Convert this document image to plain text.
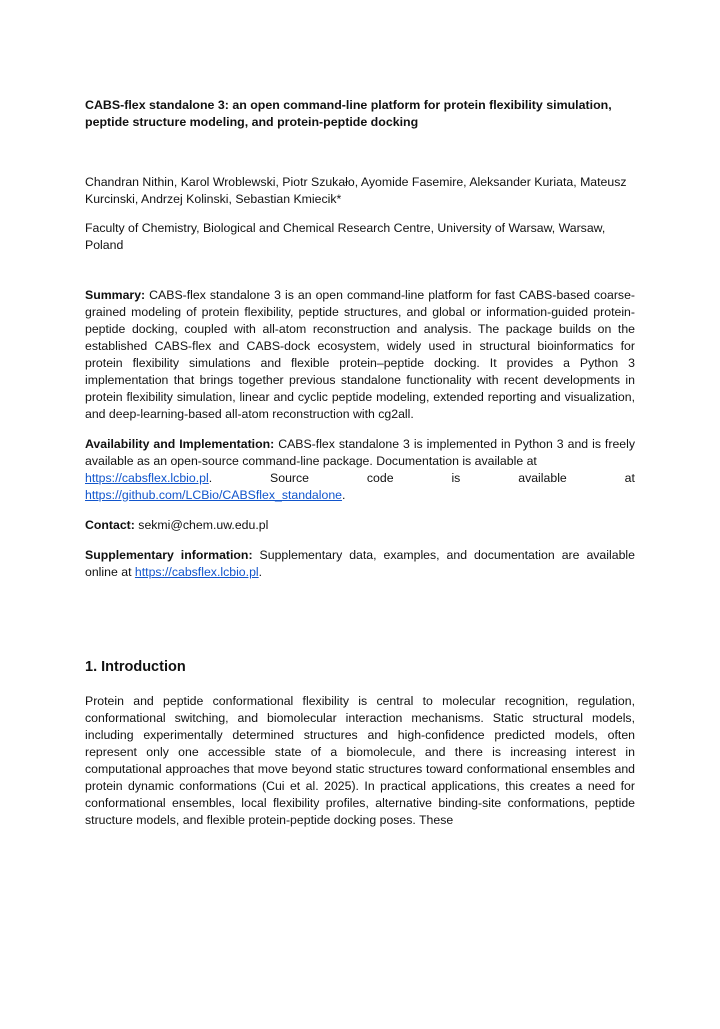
CABS-flex standalone 3: an open command-line platform for protein flexibility simulation, peptide structure modeling, and protein-peptide docking

Chandran Nithin, Karol Wroblewski, Piotr Szukało, Ayomide Fasemire, Aleksander Kuriata, Mateusz Kurcinski, Andrzej Kolinski, Sebastian Kmiecik*

Faculty of Chemistry, Biological and Chemical Research Centre, University of Warsaw, Warsaw, Poland

Summary: CABS-flex standalone 3 is an open command-line platform for fast CABS-based coarse-grained modeling of protein flexibility, peptide structures, and global or information-guided protein-peptide docking, coupled with all-atom reconstruction and analysis. The package builds on the established CABS-flex and CABS-dock ecosystem, widely used in structural bioinformatics for protein flexibility simulations and flexible protein–peptide docking. It provides a Python 3 implementation that brings together previous standalone functionality with recent developments in protein flexibility simulation, linear and cyclic peptide modeling, extended reporting and visualization, and deep-learning-based all-atom reconstruction with cg2all.

Availability and Implementation: CABS-flex standalone 3 is implemented in Python 3 and is freely available as an open-source command-line package. Documentation is available at
https://cabsflex.lcbio.pl.	Source	code	is	available	at
https://github.com/LCBio/CABSflex_standalone.

Contact: sekmi@chem.uw.edu.pl

Supplementary information: Supplementary data, examples, and documentation are available online at https://cabsflex.lcbio.pl.

1. Introduction

Protein and peptide conformational flexibility is central to molecular recognition, regulation, conformational switching, and biomolecular interaction mechanisms. Static structural models, including experimentally determined structures and high-confidence predicted models, often represent only one accessible state of a biomolecule, and there is increasing interest in computational approaches that move beyond static structures toward conformational ensembles and protein dynamic conformations (Cui et al. 2025). In practical applications, this creates a need for conformational ensembles, local flexibility profiles, alternative binding-site conformations, peptide structure models, and flexible protein-peptide docking poses. These
